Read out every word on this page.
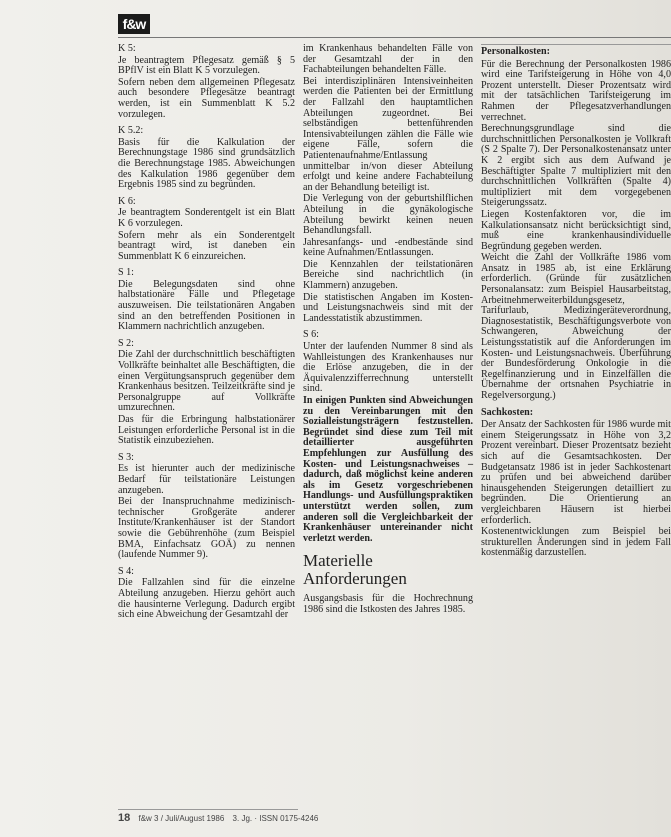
f&w

K 5:

Je beantragtem Pflegesatz gemäß § 5 BPflV ist ein Blatt K 5 vorzulegen.

Sofern neben dem allgemeinen Pflegesatz auch besondere Pflegesätze beantragt werden, ist ein Summenblatt K 5.2 vorzulegen.

K 5.2:

Basis für die Kalkulation der Berechnungstage 1986 sind grundsätzlich die Berechnungstage 1985. Abweichungen des Kalkulation 1986 gegenüber dem Ergebnis 1985 sind zu begründen.

K 6:

Je beantragtem Sonderentgelt ist ein Blatt K 6 vorzulegen.

Sofern mehr als ein Sonderentgelt beantragt wird, ist daneben ein Summenblatt K 6 einzureichen.

S 1:

Die Belegungsdaten sind ohne halbstationäre Fälle und Pflegetage auszuweisen. Die teilstationären Angaben sind an den betreffenden Positionen in Klammern nachrichtlich anzugeben.

S 2:

Die Zahl der durchschnittlich beschäftigten Vollkräfte beinhaltet alle Beschäftigten, die einen Vergütungsanspruch gegenüber dem Krankenhaus besitzen. Teilzeitkräfte sind je Personalgruppe auf Vollkräfte umzurechnen.

Das für die Erbringung halbstationärer Leistungen erforderliche Personal ist in die Statistik einzubeziehen.

S 3:

Es ist hierunter auch der medizinische Bedarf für teilstationäre Leistungen anzugeben.

Bei der Inanspruchnahme medizinisch-technischer Großgeräte anderer Institute/Krankenhäuser ist der Standort sowie die Gebührenhöhe (zum Beispiel BMA, Einfachsatz GOÄ) zu nennen (laufende Nummer 9).

S 4:

Die Fallzahlen sind für die einzelne Abteilung anzugeben. Hierzu gehört auch die hausinterne Verlegung. Dadurch ergibt sich eine Abweichung der Gesamtzahl der

im Krankenhaus behandelten Fälle von der Gesamtzahl der in den Fachabteilungen behandelten Fälle.

Bei interdisziplinären Intensiveinheiten werden die Patienten bei der Ermittlung der Fallzahl den hauptamtlichen Abteilungen zugeordnet. Bei selbständigen bettenführenden Intensivabteilungen zählen die Fälle wie eigene Fälle, sofern die Patientenaufnahme/Entlassung unmittelbar in/von dieser Abteilung erfolgt und keine andere Fachabteilung an der Behandlung beteiligt ist.

Die Verlegung von der geburtshilflichen Abteilung in die gynäkologische Abteilung bewirkt keinen neuen Behandlungsfall.

Jahresanfangs- und -endbestände sind keine Aufnahmen/Entlassungen.

Die Kennzahlen der teilstationären Bereiche sind nachrichtlich (in Klammern) anzugeben.

Die statistischen Angaben im Kosten- und Leistungsnachweis sind mit der Landesstatistik abzustimmen.

S 6:

Unter der laufenden Nummer 8 sind als Wahlleistungen des Krankenhauses nur die Erlöse anzugeben, die in der Äquivalenzzifferrechnung unterstellt sind.

In einigen Punkten sind Abweichungen zu den Vereinbarungen mit den Sozialleistungsträgern festzustellen. Begründet sind diese zum Teil mit detaillierter ausgeführten Empfehlungen zur Ausfüllung des Kosten- und Leistungsnachweises – dadurch, daß möglichst keine anderen als im Gesetz vorgeschriebenen Handlungs- und Ausfüllungspraktiken unterstützt werden sollen, zum anderen soll die Vergleichbarkeit der Krankenhäuser untereinander nicht verletzt werden.

Materielle Anforderungen

Ausgangsbasis für die Hochrechnung 1986 sind die Istkosten des Jahres 1985.

Personalkosten:

Für die Berechnung der Personalkosten 1986 wird eine Tarifsteigerung in Höhe von 4,0 Prozent unterstellt. Dieser Prozentsatz wird mit der tatsächlichen Tarifsteigerung im Rahmen der Pflegesatzverhandlungen verrechnet.

Berechnungsgrundlage sind die durchschnittlichen Personalkosten je Vollkraft (S 2 Spalte 7). Der Personalkostenansatz unter K 2 ergibt sich aus dem Aufwand je Beschäftigter Spalte 7 multipliziert mit den durchschnittlichen Vollkräften (Spalte 4) multipliziert mit dem vorgegebenen Steigerungssatz.

Liegen Kostenfaktoren vor, die im Kalkulationsansatz nicht berücksichtigt sind, muß eine krankenhausindividuelle Begründung gegeben werden.

Weicht die Zahl der Vollkräfte 1986 vom Ansatz in 1985 ab, ist eine Erklärung erforderlich. (Gründe für zusätzlichen Personalansatz: zum Beispiel Hausarbeitstag, Arbeitnehmerweiterbildungsgesetz, Tarifurlaub, Medizingeräteverordnung, Diagnosestatistik, Beschäftigungsverbote von Schwangeren, Abweichung der Leistungsstatistik auf die Anforderungen im Kosten- und Leistungsnachweis. Überführung der Bundesförderung Onkologie in die Regelfinanzierung und in Einzelfällen die Übernahme der ortsnahen Psychiatrie in Regelversorgung.)

Sachkosten:

Der Ansatz der Sachkosten für 1986 wurde mit einem Steigerungssatz in Höhe von 3,2 Prozent vereinbart. Dieser Prozentsatz bezieht sich auf die Gesamtsachkosten. Der Budgetansatz 1986 ist in jeder Sachkostenart zu prüfen und bei abweichend darüber hinausgehenden Steigerungen detailliert zu begründen. Die Orientierung an vergleichbaren Häusern ist hierbei erforderlich.

Kostenentwicklungen zum Beispiel bei strukturellen Änderungen sind in jedem Fall kostenmäßig darzustellen.

18 f&w 3 / Juli/August 1986 3. Jg. · ISSN 0175-4246
